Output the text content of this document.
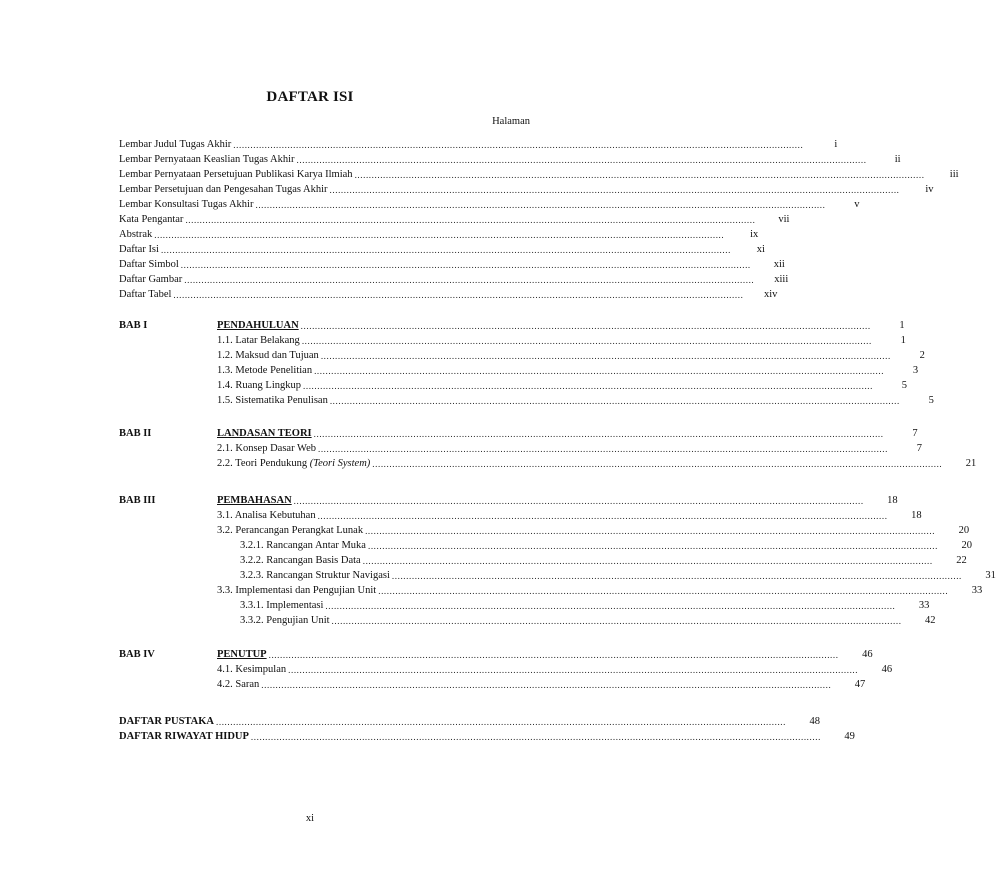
DAFTAR ISI
Halaman
Lembar Judul Tugas Akhir ........................................................................................................................................................................................................	i
Lembar Pernyataan Keaslian Tugas Akhir ........................................................................................................................................................................................................	ii
Lembar Pernyataan Persetujuan Publikasi Karya Ilmiah ........................................................................................................................................................................................................	iii
Lembar Persetujuan dan Pengesahan Tugas Akhir ........................................................................................................................................................................................................	iv
Lembar Konsultasi Tugas Akhir ........................................................................................................................................................................................................	v
Kata Pengantar ........................................................................................................................................................................................................	vii
Abstrak ........................................................................................................................................................................................................	ix
Daftar Isi ........................................................................................................................................................................................................	xi
Daftar Simbol ........................................................................................................................................................................................................	xii
Daftar Gambar ........................................................................................................................................................................................................	xiii
Daftar Tabel ........................................................................................................................................................................................................	xiv
BAB I	PENDAHULUAN ........................................................................................................................................................................................................	1
1.1. Latar Belakang ........................................................................................................................................................................................................	1
1.2. Maksud dan Tujuan ........................................................................................................................................................................................................	2
1.3. Metode Penelitian ........................................................................................................................................................................................................	3
1.4. Ruang Lingkup ........................................................................................................................................................................................................	5
1.5. Sistematika Penulisan ........................................................................................................................................................................................................	5
BAB II	LANDASAN TEORI ........................................................................................................................................................................................................	7
2.1. Konsep Dasar Web ........................................................................................................................................................................................................	7
2.2. Teori Pendukung (Teori System) ........................................................................................................................................................................................................	21
BAB III	PEMBAHASAN ........................................................................................................................................................................................................	18
3.1. Analisa Kebutuhan ........................................................................................................................................................................................................	18
3.2. Perancangan Perangkat Lunak ........................................................................................................................................................................................................	20
3.2.1. Rancangan Antar Muka ........................................................................................................................................................................................................	20
3.2.2. Rancangan Basis Data ........................................................................................................................................................................................................	22
3.2.3. Rancangan Struktur Navigasi ........................................................................................................................................................................................................	31
3.3. Implementasi dan Pengujian Unit ........................................................................................................................................................................................................	33
3.3.1. Implementasi ........................................................................................................................................................................................................	33
3.3.2. Pengujian Unit ........................................................................................................................................................................................................	42
BAB IV	PENUTUP ........................................................................................................................................................................................................	46
4.1. Kesimpulan ........................................................................................................................................................................................................	46
4.2. Saran ........................................................................................................................................................................................................	47
DAFTAR PUSTAKA ........................................................................................................................................................................................................	48
DAFTAR RIWAYAT HIDUP ........................................................................................................................................................................................................	49
xi
